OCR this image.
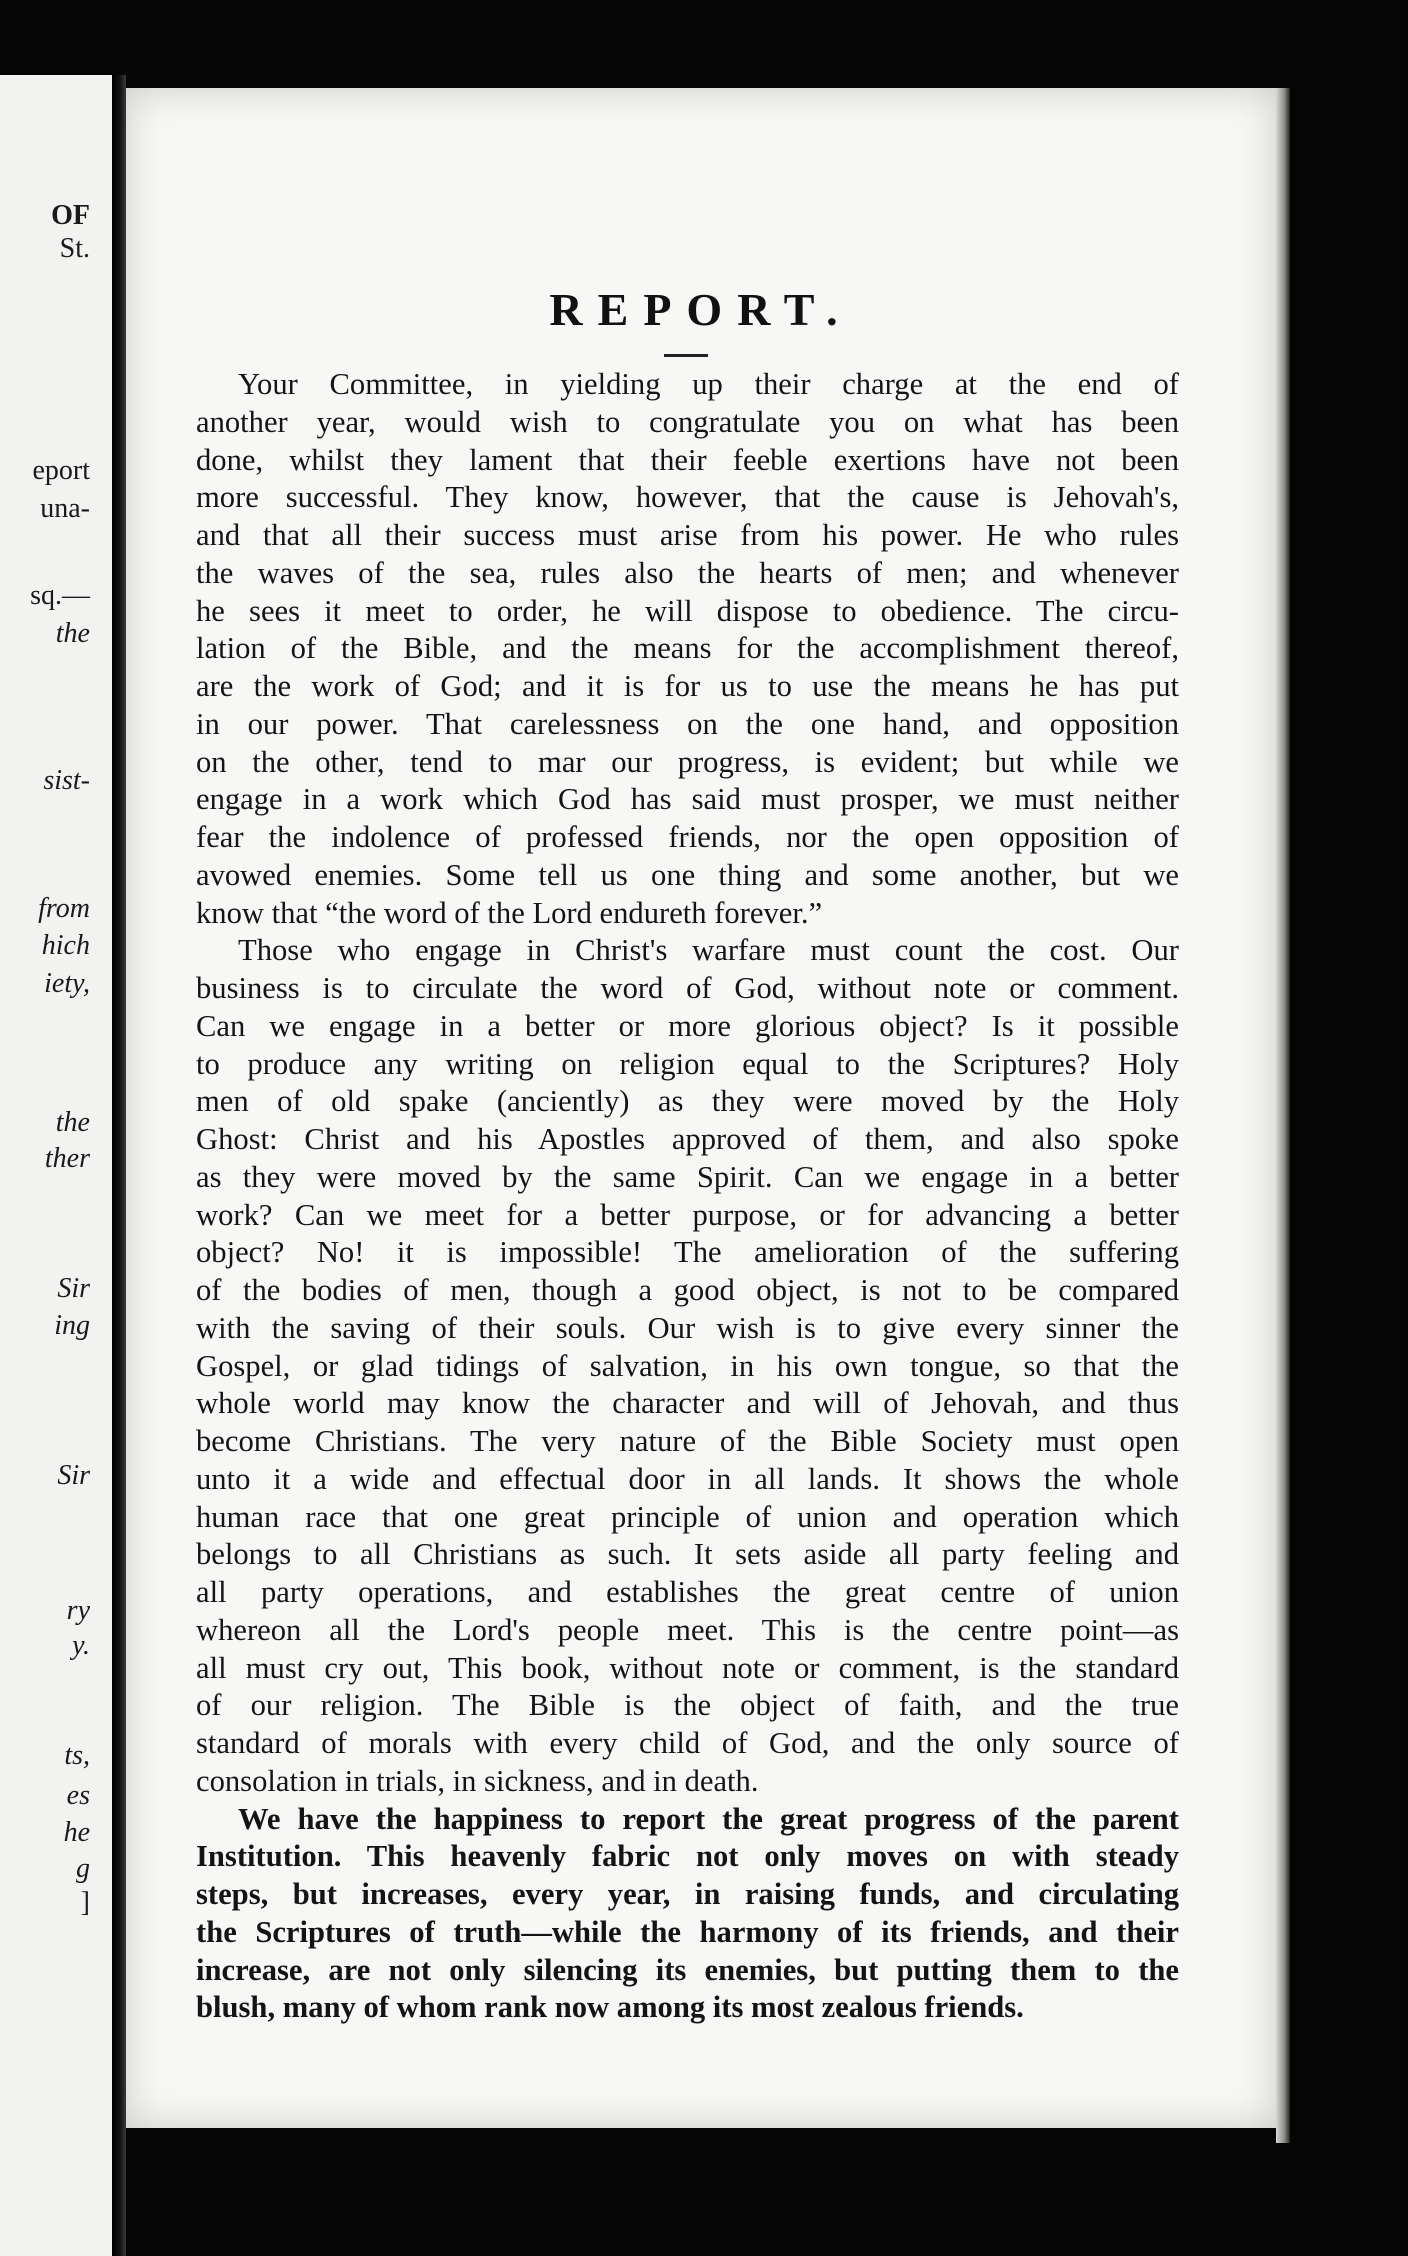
OF
St.
eport
una-
sq.—
the
sist-
from
hich
iety,
the
ther
Sir
ing
Sir
ry
y.
ts,
es
he
g
]
REPORT.
Your Committee, in yielding up their charge at the end of
another year, would wish to congratulate you on what has been
done, whilst they lament that their feeble exertions have not been
more successful. They know, however, that the cause is Jehovah's,
and that all their success must arise from his power. He who rules
the waves of the sea, rules also the hearts of men; and whenever
he sees it meet to order, he will dispose to obedience. The circu-
lation of the Bible, and the means for the accomplishment thereof,
are the work of God; and it is for us to use the means he has put
in our power. That carelessness on the one hand, and opposition
on the other, tend to mar our progress, is evident; but while we
engage in a work which God has said must prosper, we must neither
fear the indolence of professed friends, nor the open opposition of
avowed enemies. Some tell us one thing and some another, but we
know that “the word of the Lord endureth forever.”
Those who engage in Christ's warfare must count the cost. Our
business is to circulate the word of God, without note or comment.
Can we engage in a better or more glorious object? Is it possible
to produce any writing on religion equal to the Scriptures? Holy
men of old spake (anciently) as they were moved by the Holy
Ghost: Christ and his Apostles approved of them, and also spoke
as they were moved by the same Spirit. Can we engage in a better
work? Can we meet for a better purpose, or for advancing a better
object? No! it is impossible! The amelioration of the suffering
of the bodies of men, though a good object, is not to be compared
with the saving of their souls. Our wish is to give every sinner the
Gospel, or glad tidings of salvation, in his own tongue, so that the
whole world may know the character and will of Jehovah, and thus
become Christians. The very nature of the Bible Society must open
unto it a wide and effectual door in all lands. It shows the whole
human race that one great principle of union and operation which
belongs to all Christians as such. It sets aside all party feeling and
all party operations, and establishes the great centre of union
whereon all the Lord's people meet. This is the centre point—as
all must cry out, This book, without note or comment, is the standard
of our religion. The Bible is the object of faith, and the true
standard of morals with every child of God, and the only source of
consolation in trials, in sickness, and in death.
We have the happiness to report the great progress of the parent
Institution. This heavenly fabric not only moves on with steady
steps, but increases, every year, in raising funds, and circulating
the Scriptures of truth—while the harmony of its friends, and their
increase, are not only silencing its enemies, but putting them to the
blush, many of whom rank now among its most zealous friends.
